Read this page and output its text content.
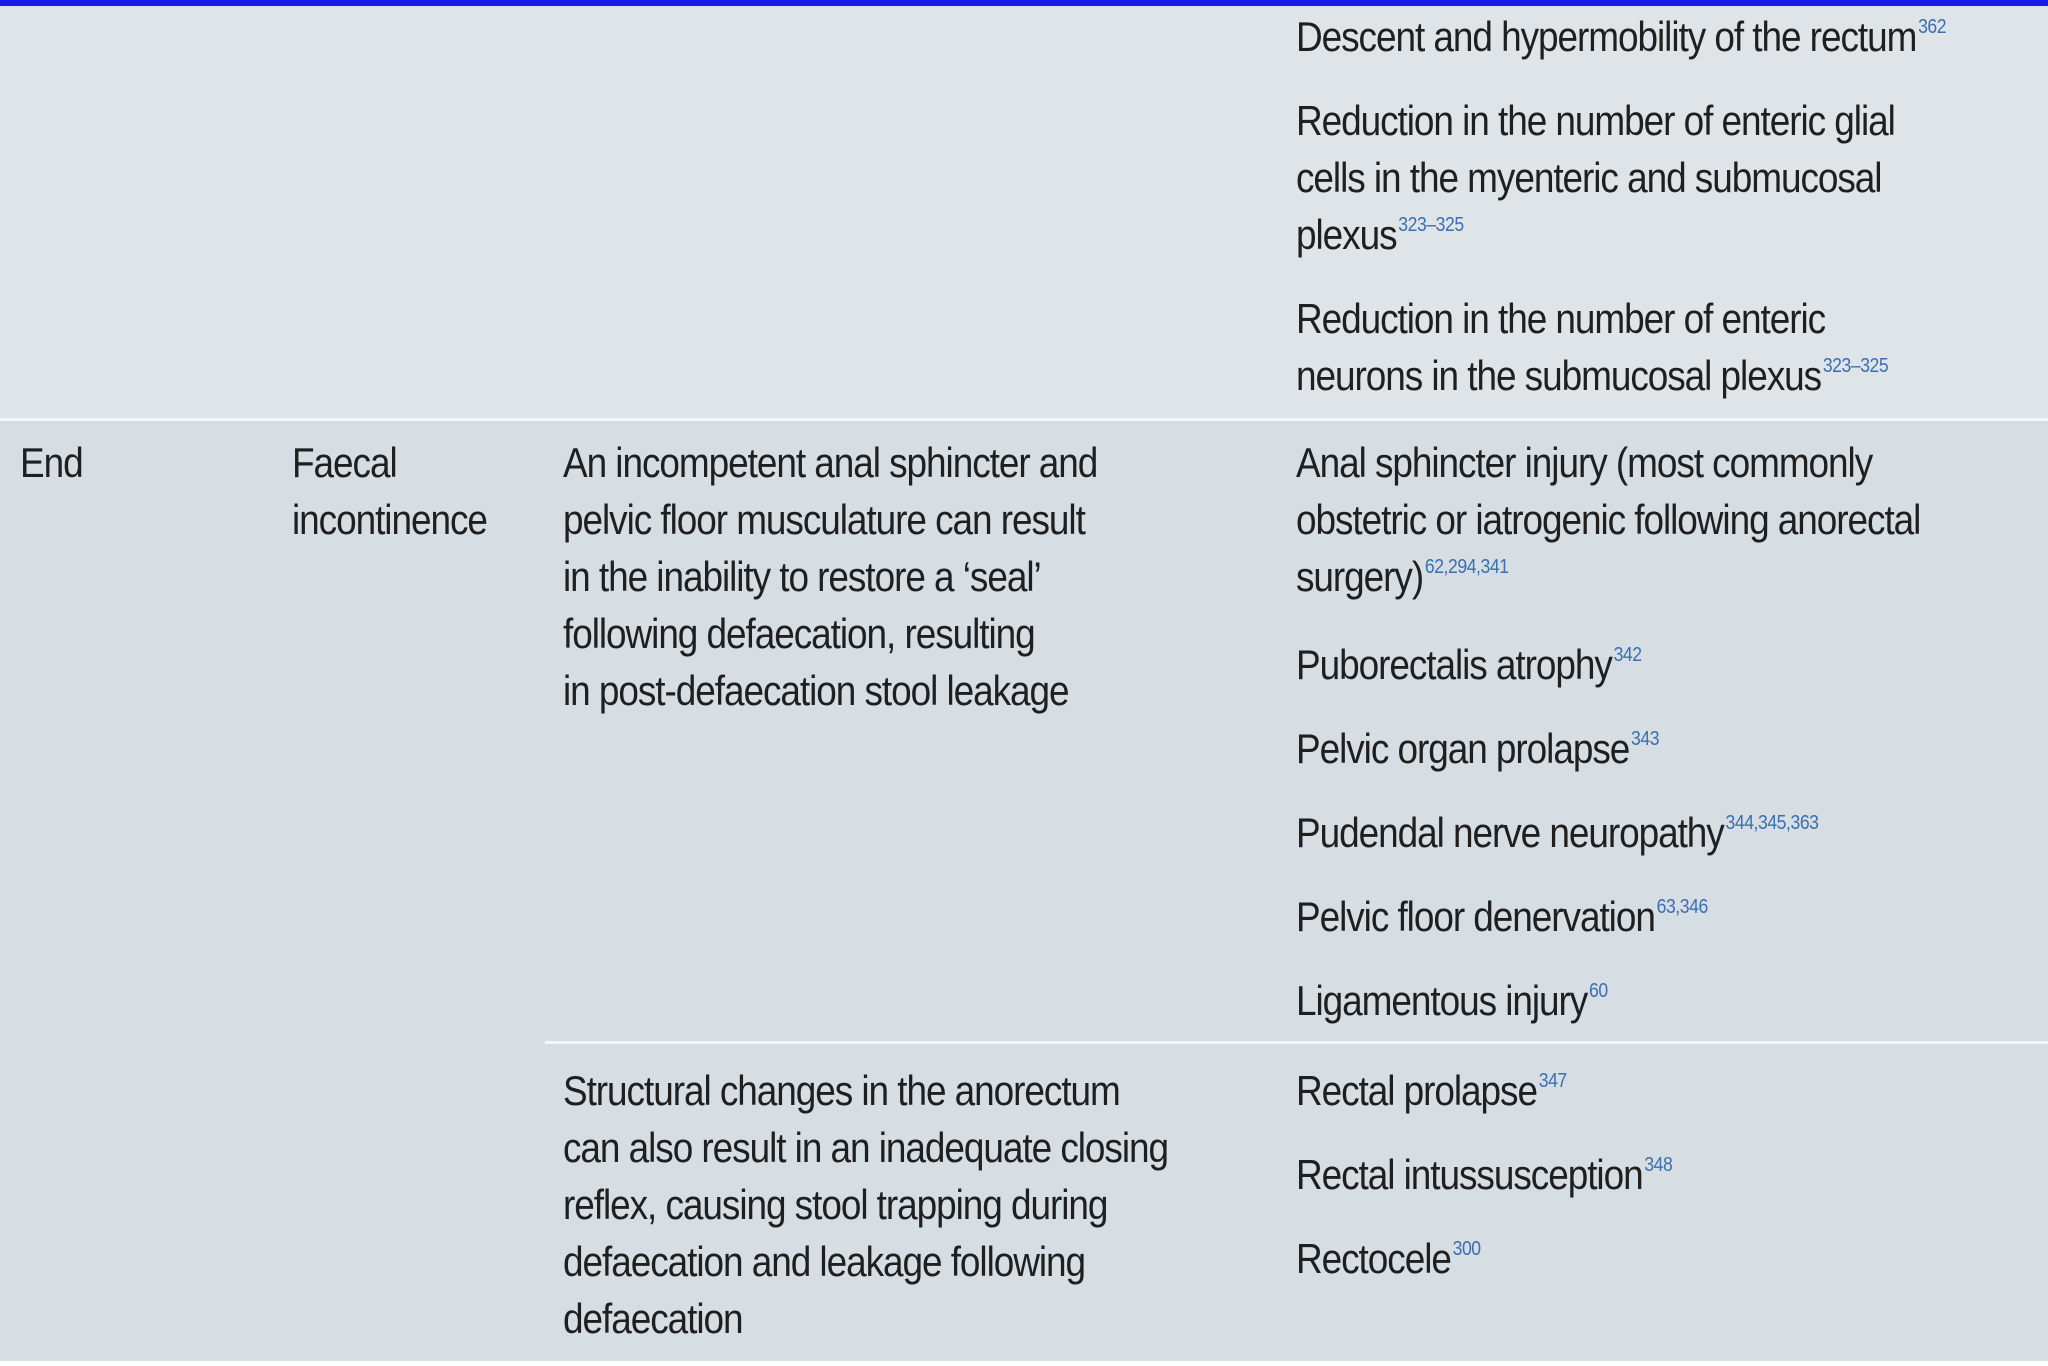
Descent and hypermobility of the rectum$^{362}$
Reduction in the number of enteric glial
cells in the myenteric and submucosal
plexus$^{323-325}$
Reduction in the number of enteric
neurons in the submucosal plexus$^{323-325}$
End	Faecal
incontinence
An incompetent anal sphincter and
pelvic floor musculature can result
in the inability to restore a ‘seal’
following defaecation, resulting
in post-defaecation stool leakage
Anal sphincter injury (most commonly
obstetric or iatrogenic following anorectal
surgery)$^{62,294,341}$
Puborectalis atrophy$^{342}$
Pelvic organ prolapse$^{343}$
Pudendal nerve neuropathy$^{344,345,363}$
Pelvic floor denervation$^{63,346}$
Ligamentous injury$^{60}$
Structural changes in the anorectum
can also result in an inadequate closing
reflex, causing stool trapping during
defaecation and leakage following
defaecation
Rectal prolapse$^{347}$
Rectal intussusception$^{348}$
Rectocele$^{300}$
